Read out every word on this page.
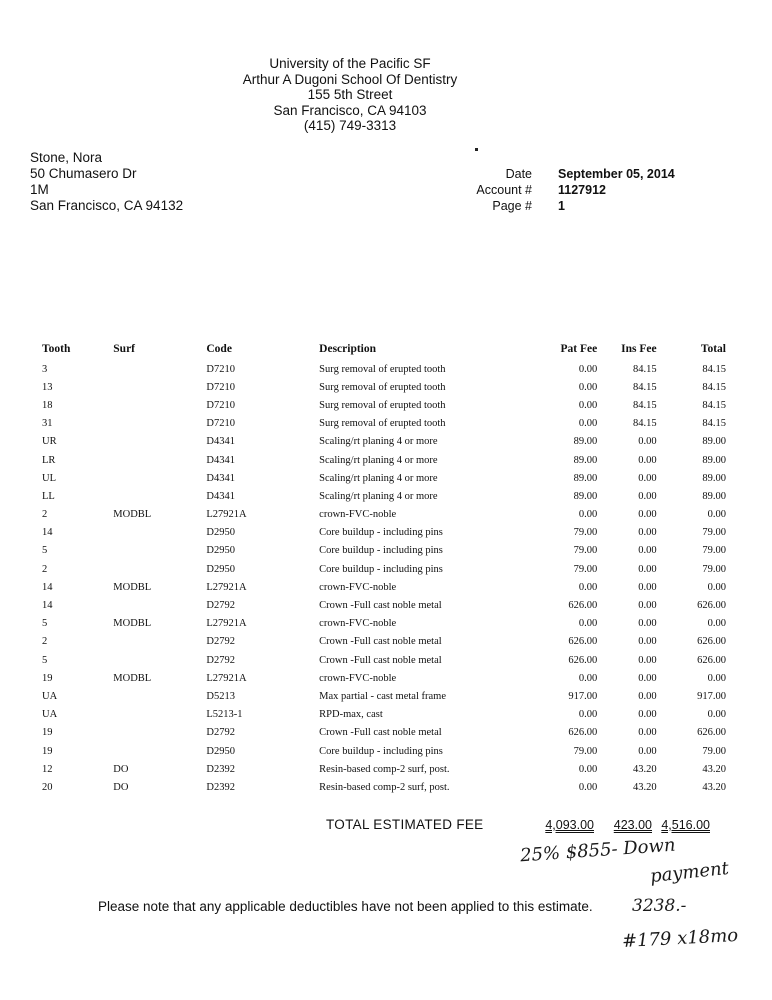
University of the Pacific SF
Arthur A Dugoni School Of Dentistry
155 5th Street
San Francisco, CA 94103
(415) 749-3313
Stone, Nora
50 Chumasero Dr
1M
San Francisco, CA 94132
Date September 05, 2014
Account # 1127912
Page # 1
Tooth	Surf	Code	Description	Pat Fee	Ins Fee	Total
3		D7210	Surg removal of erupted tooth	0.00	84.15	84.15
13		D7210	Surg removal of erupted tooth	0.00	84.15	84.15
18		D7210	Surg removal of erupted tooth	0.00	84.15	84.15
31		D7210	Surg removal of erupted tooth	0.00	84.15	84.15
UR		D4341	Scaling/rt planing 4 or more	89.00	0.00	89.00
LR		D4341	Scaling/rt planing 4 or more	89.00	0.00	89.00
UL		D4341	Scaling/rt planing 4 or more	89.00	0.00	89.00
LL		D4341	Scaling/rt planing 4 or more	89.00	0.00	89.00
2	MODBL	L27921A	crown-FVC-noble	0.00	0.00	0.00
14		D2950	Core buildup - including pins	79.00	0.00	79.00
5		D2950	Core buildup - including pins	79.00	0.00	79.00
2		D2950	Core buildup - including pins	79.00	0.00	79.00
14	MODBL	L27921A	crown-FVC-noble	0.00	0.00	0.00
14		D2792	Crown -Full cast noble metal	626.00	0.00	626.00
5	MODBL	L27921A	crown-FVC-noble	0.00	0.00	0.00
2		D2792	Crown -Full cast noble metal	626.00	0.00	626.00
5		D2792	Crown -Full cast noble metal	626.00	0.00	626.00
19	MODBL	L27921A	crown-FVC-noble	0.00	0.00	0.00
UA		D5213	Max partial - cast metal frame	917.00	0.00	917.00
UA		L5213-1	RPD-max, cast	0.00	0.00	0.00
19		D2792	Crown -Full cast noble metal	626.00	0.00	626.00
19		D2950	Core buildup - including pins	79.00	0.00	79.00
12	DO	D2392	Resin-based comp-2 surf, post.	0.00	43.20	43.20
20	DO	D2392	Resin-based comp-2 surf, post.	0.00	43.20	43.20
TOTAL ESTIMATED FEE	4,093.00	423.00 4,516.00
25% $855- Down
payment
3238.-
#179 x18mo
Please note that any applicable deductibles have not been applied to this estimate.
